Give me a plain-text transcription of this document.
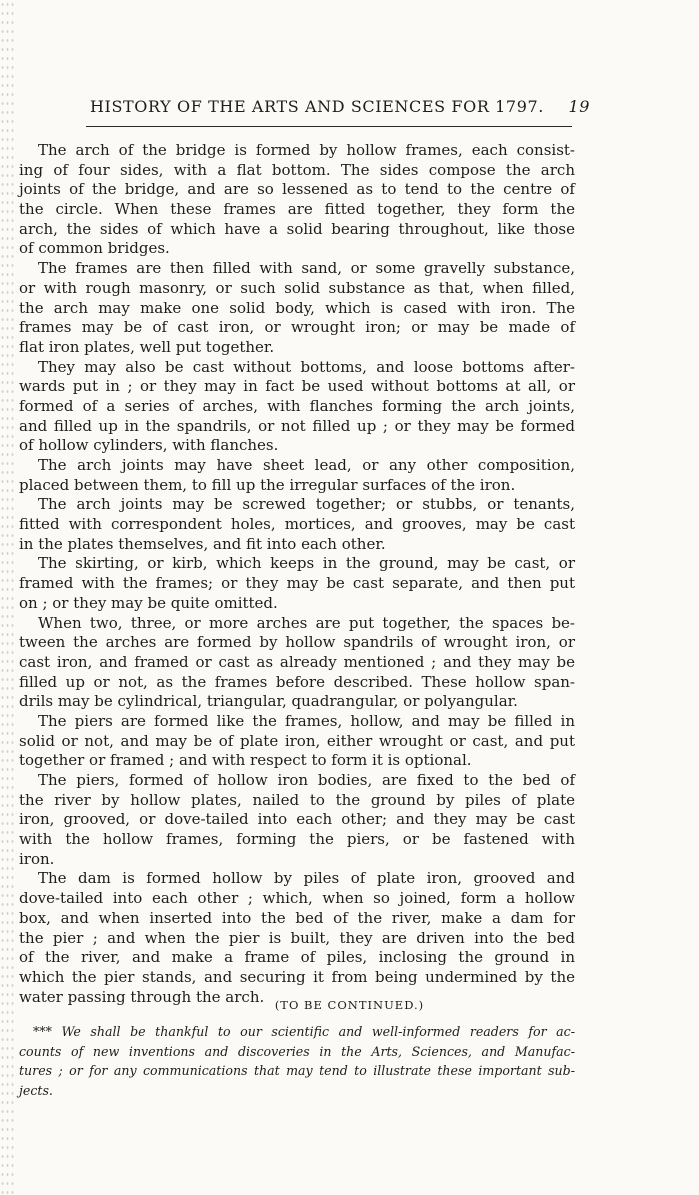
HISTORY OF THE ARTS AND SCIENCES FOR 1797. 19
The arch of the bridge is formed by hollow frames, each consist-
ing of four sides, with a flat bottom. The sides compose the arch
joints of the bridge, and are so lessened as to tend to the centre of
the circle. When these frames are fitted together, they form the
arch, the sides of which have a solid bearing throughout, like those
of common bridges.
The frames are then filled with sand, or some gravelly substance,
or with rough masonry, or such solid substance as that, when filled,
the arch may make one solid body, which is cased with iron. The
frames may be of cast iron, or wrought iron; or may be made of
flat iron plates, well put together.
They may also be cast without bottoms, and loose bottoms after-
wards put in ; or they may in fact be used without bottoms at all, or
formed of a series of arches, with flanches forming the arch joints,
and filled up in the spandrils, or not filled up ; or they may be formed
of hollow cylinders, with flanches.
The arch joints may have sheet lead, or any other composition,
placed between them, to fill up the irregular surfaces of the iron.
The arch joints may be screwed together; or stubbs, or tenants,
fitted with correspondent holes, mortices, and grooves, may be cast
in the plates themselves, and fit into each other.
The skirting, or kirb, which keeps in the ground, may be cast, or
framed with the frames; or they may be cast separate, and then put
on ; or they may be quite omitted.
When two, three, or more arches are put together, the spaces be-
tween the arches are formed by hollow spandrils of wrought iron, or
cast iron, and framed or cast as already mentioned ; and they may be
filled up or not, as the frames before described. These hollow span-
drils may be cylindrical, triangular, quadrangular, or polyangular.
The piers are formed like the frames, hollow, and may be filled in
solid or not, and may be of plate iron, either wrought or cast, and put
together or framed ; and with respect to form it is optional.
The piers, formed of hollow iron bodies, are fixed to the bed of
the river by hollow plates, nailed to the ground by piles of plate
iron, grooved, or dove-tailed into each other; and they may be cast
with the hollow frames, forming the piers, or be fastened with
iron.
The dam is formed hollow by piles of plate iron, grooved and
dove-tailed into each other ; which, when so joined, form a hollow
box, and when inserted into the bed of the river, make a dam for
the pier ; and when the pier is built, they are driven into the bed
of the river, and make a frame of piles, inclosing the ground in
which the pier stands, and securing it from being undermined by the
water passing through the arch. (TO BE CONTINUED.)
*** We shall be thankful to our scientific and well-informed readers for ac-
counts of new inventions and discoveries in the Arts, Sciences, and Manufac-
tures ; or for any communications that may tend to illustrate these important sub-
jects.
